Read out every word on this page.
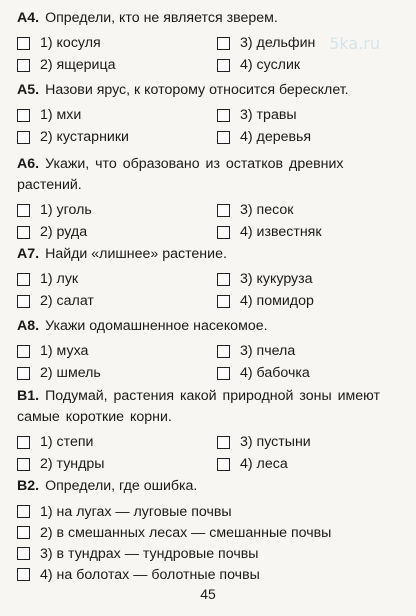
5ka.ru

А4. Определи, кто не является зверем.

1) косуля
2) ящерица
3) дельфин
4) суслик

А5. Назови ярус, к которому относится бересклет.

1) мхи
2) кустарники
3) травы
4) деревья

А6. Укажи, что образовано из остатков древних растений.

1) уголь
2) руда
3) песок
4) известняк

А7. Найди «лишнее» растение.

1) лук
2) салат
3) кукуруза
4) помидор

А8. Укажи одомашненное насекомое.

1) муха
2) шмель
3) пчела
4) бабочка

В1. Подумай, растения какой природной зоны имеют самые короткие корни.

1) степи
2) тундры
3) пустыни
4) леса

В2. Определи, где ошибка.

1) на лугах — луговые почвы
2) в смешанных лесах — смешанные почвы
3) в тундрах — тундровые почвы
4) на болотах — болотные почвы
45
